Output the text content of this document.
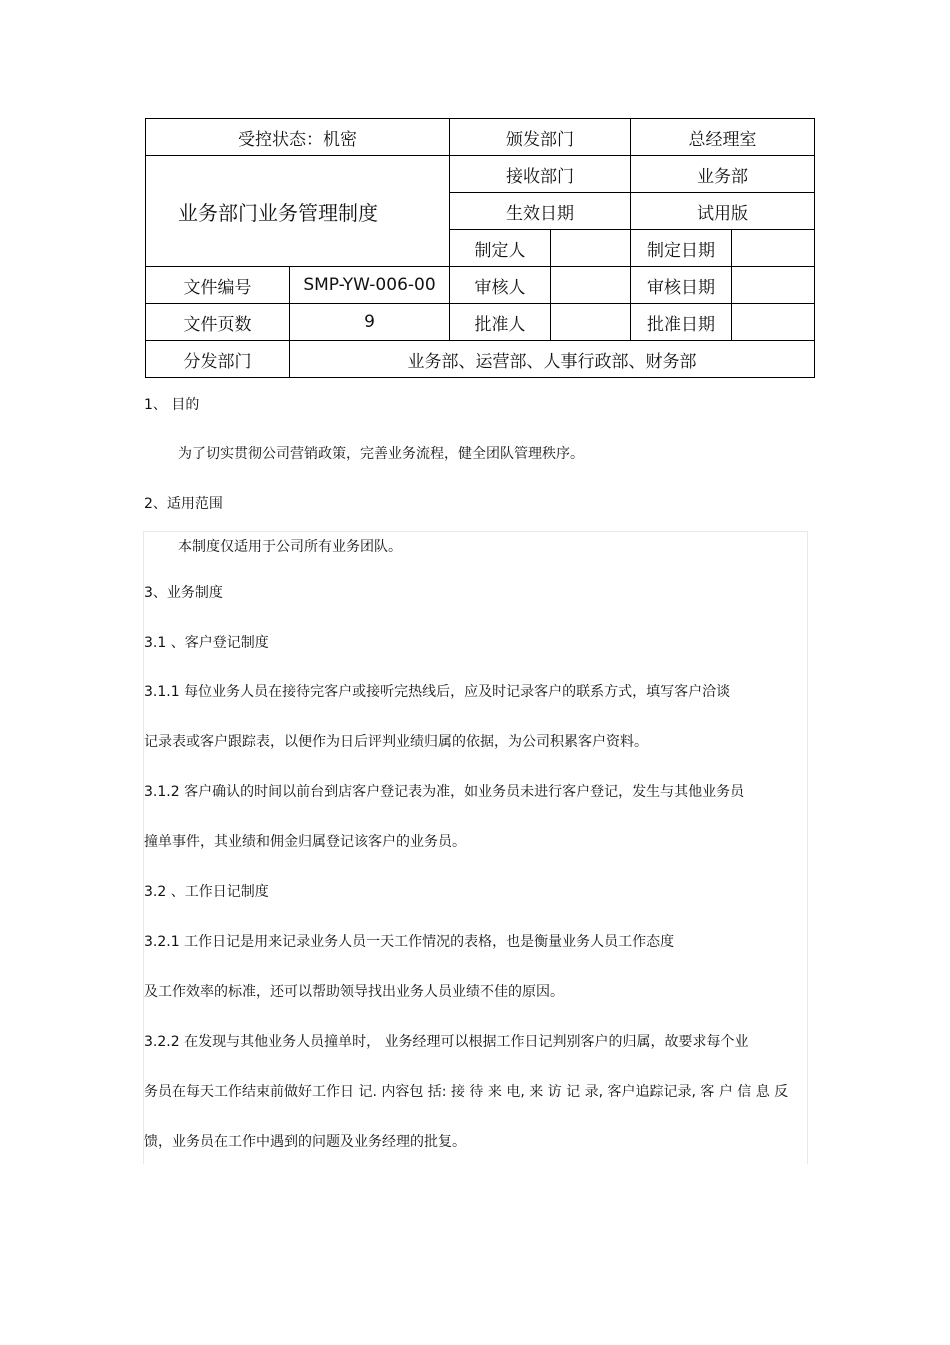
受控状态：机密		颁发部门		总经理室	
业务部门业务管理制度		接收部门		业务部	
		生效日期		试用版	
		制定人		制定日期	
文件编号	SMP-YW-006-00	审核人		审核日期	
文件页数	9	批准人		批准日期	
分发部门	业务部、运营部、人事行政部、财务部				
1、 目的
为了切实贯彻公司营销政策，完善业务流程，健全团队管理秩序。
2、适用范围
本制度仅适用于公司所有业务团队。
3、业务制度
3.1 、客户登记制度
3.1.1 每位业务人员在接待完客户或接听完热线后，应及时记录客户的联系方式，填写客户洽谈
记录表或客户跟踪表，以便作为日后评判业绩归属的依据，为公司积累客户资料。
3.1.2 客户确认的时间以前台到店客户登记表为准，如业务员未进行客户登记，发生与其他业务员
撞单事件，其业绩和佣金归属登记该客户的业务员。
3.2 、工作日记制度
3.2.1 工作日记是用来记录业务人员一天工作情况的表格，也是衡量业务人员工作态度
及工作效率的标准，还可以帮助领导找出业务人员业绩不佳的原因。
3.2.2 在发现与其他业务人员撞单时， 业务经理可以根据工作日记判别客户的归属，故要求每个业
务员在每天工作结束前做好工作日 记. 内容包 括: 接 待 来 电, 来 访 记 录, 客户追踪记录, 客 户 信 息 反
馈，业务员在工作中遇到的问题及业务经理的批复。
